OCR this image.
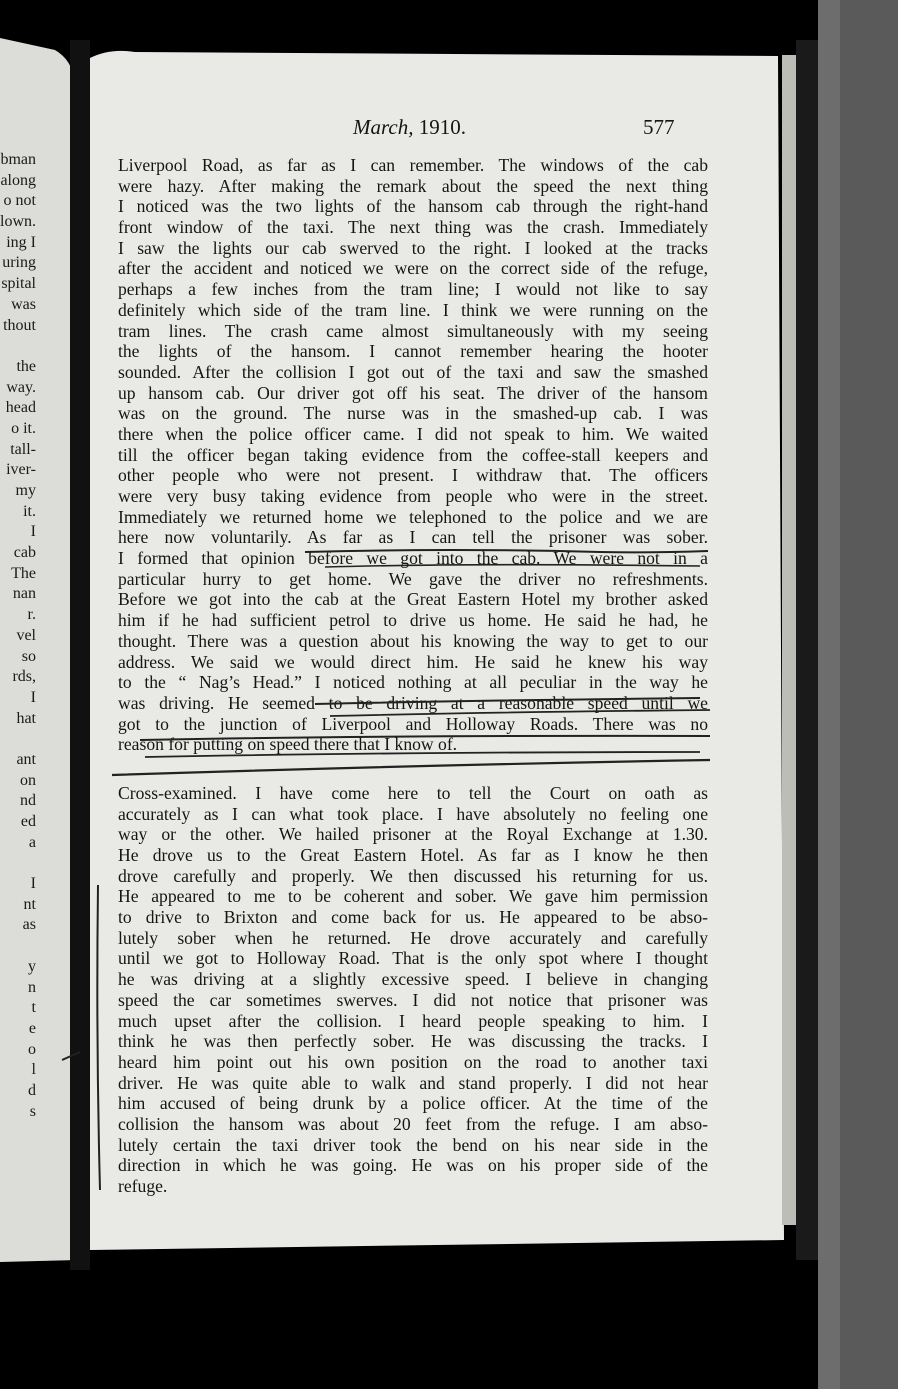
bman
along
o not
lown.
ing I
uring
spital
was
thout
the
way.
head
o it.
tall-
iver-
my
it.
I
cab
The
nan
r.
vel
so
rds,
I
hat
ant
on
nd
ed
a
I
nt
as
y
n
t
e
o
l
d
s
March, 1910.	577
Liverpool Road, as far as I can remember. The windows of the cab
were hazy. After making the remark about the speed the next thing
I noticed was the two lights of the hansom cab through the right-hand
front window of the taxi. The next thing was the crash. Immediately
I saw the lights our cab swerved to the right. I looked at the tracks
after the accident and noticed we were on the correct side of the refuge,
perhaps a few inches from the tram line; I would not like to say
definitely which side of the tram line. I think we were running on the
tram lines. The crash came almost simultaneously with my seeing
the lights of the hansom. I cannot remember hearing the hooter
sounded. After the collision I got out of the taxi and saw the smashed
up hansom cab. Our driver got off his seat. The driver of the hansom
was on the ground. The nurse was in the smashed-up cab. I was
there when the police officer came. I did not speak to him. We waited
till the officer began taking evidence from the coffee-stall keepers and
other people who were not present. I withdraw that. The officers
were very busy taking evidence from people who were in the street.
Immediately we returned home we telephoned to the police and we are
here now voluntarily. As far as I can tell the prisoner was sober.
I formed that opinion before we got into the cab. We were not in a
particular hurry to get home. We gave the driver no refreshments.
Before we got into the cab at the Great Eastern Hotel my brother asked
him if he had sufficient petrol to drive us home. He said he had, he
thought. There was a question about his knowing the way to get to our
address. We said we would direct him. He said he knew his way
to the “ Nag’s Head.” I noticed nothing at all peculiar in the way he
was driving. He seemed to be driving at a reasonable speed until we
got to the junction of Liverpool and Holloway Roads. There was no
reason for putting on speed there that I know of.
Cross-examined. I have come here to tell the Court on oath as
accurately as I can what took place. I have absolutely no feeling one
way or the other. We hailed prisoner at the Royal Exchange at 1.30.
He drove us to the Great Eastern Hotel. As far as I know he then
drove carefully and properly. We then discussed his returning for us.
He appeared to me to be coherent and sober. We gave him permission
to drive to Brixton and come back for us. He appeared to be abso-
lutely sober when he returned. He drove accurately and carefully
until we got to Holloway Road. That is the only spot where I thought
he was driving at a slightly excessive speed. I believe in changing
speed the car sometimes swerves. I did not notice that prisoner was
much upset after the collision. I heard people speaking to him. I
think he was then perfectly sober. He was discussing the tracks. I
heard him point out his own position on the road to another taxi
driver. He was quite able to walk and stand properly. I did not hear
him accused of being drunk by a police officer. At the time of the
collision the hansom was about 20 feet from the refuge. I am abso-
lutely certain the taxi driver took the bend on his near side in the
direction in which he was going. He was on his proper side of the
refuge.
